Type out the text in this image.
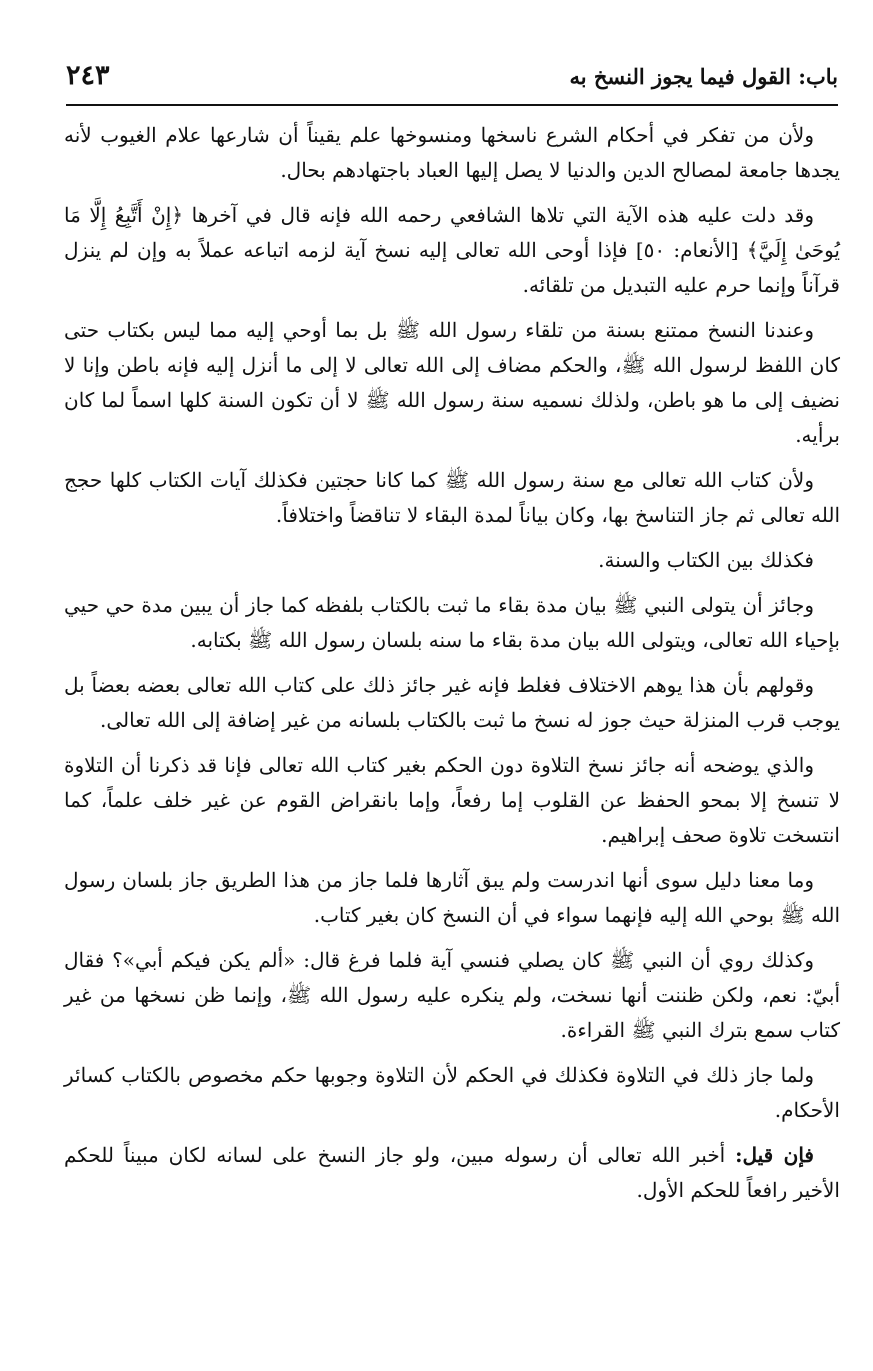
باب: القول فيما يجوز النسخ به
٢٤٣

ولأن من تفكر في أحكام الشرع ناسخها ومنسوخها علم يقيناً أن شارعها علام الغيوب لأنه يجدها جامعة لمصالح الدين والدنيا لا يصل إليها العباد باجتهادهم بحال.

وقد دلت عليه هذه الآية التي تلاها الشافعي رحمه الله فإنه قال في آخرها ﴿إِنْ أَتَّبِعُ إِلَّا مَا يُوحَىٰ إِلَيَّ﴾ [الأنعام: ٥٠] فإذا أوحى الله تعالى إليه نسخ آية لزمه اتباعه عملاً به وإن لم ينزل قرآناً وإنما حرم عليه التبديل من تلقائه.

وعندنا النسخ ممتنع بسنة من تلقاء رسول الله ﷺ بل بما أوحي إليه مما ليس بكتاب حتى كان اللفظ لرسول الله ﷺ، والحكم مضاف إلى الله تعالى لا إلى ما أنزل إليه فإنه باطن وإنا لا نضيف إلى ما هو باطن، ولذلك نسميه سنة رسول الله ﷺ لا أن تكون السنة كلها اسماً لما كان برأيه.

ولأن كتاب الله تعالى مع سنة رسول الله ﷺ كما كانا حجتين فكذلك آيات الكتاب كلها حجج الله تعالى ثم جاز التناسخ بها، وكان بياناً لمدة البقاء لا تناقضاً واختلافاً.

فكذلك بين الكتاب والسنة.

وجائز أن يتولى النبي ﷺ بيان مدة بقاء ما ثبت بالكتاب بلفظه كما جاز أن يبين مدة حي حيي بإحياء الله تعالى، ويتولى الله بيان مدة بقاء ما سنه بلسان رسول الله ﷺ بكتابه.

وقولهم بأن هذا يوهم الاختلاف فغلط فإنه غير جائز ذلك على كتاب الله تعالى بعضه بعضاً بل يوجب قرب المنزلة حيث جوز له نسخ ما ثبت بالكتاب بلسانه من غير إضافة إلى الله تعالى.

والذي يوضحه أنه جائز نسخ التلاوة دون الحكم بغير كتاب الله تعالى فإنا قد ذكرنا أن التلاوة لا تنسخ إلا بمحو الحفظ عن القلوب إما رفعاً، وإما بانقراض القوم عن غير خلف علماً، كما انتسخت تلاوة صحف إبراهيم.

وما معنا دليل سوى أنها اندرست ولم يبق آثارها فلما جاز من هذا الطريق جاز بلسان رسول الله ﷺ بوحي الله إليه فإنهما سواء في أن النسخ كان بغير كتاب.

وكذلك روي أن النبي ﷺ كان يصلي فنسي آية فلما فرغ قال: «ألم يكن فيكم أبي»؟ فقال أبيّ: نعم، ولكن ظننت أنها نسخت، ولم ينكره عليه رسول الله ﷺ، وإنما ظن نسخها من غير كتاب سمع بترك النبي ﷺ القراءة.

ولما جاز ذلك في التلاوة فكذلك في الحكم لأن التلاوة وجوبها حكم مخصوص بالكتاب كسائر الأحكام.

فإن قيل: أخبر الله تعالى أن رسوله مبين، ولو جاز النسخ على لسانه لكان مبيناً للحكم الأخير رافعاً للحكم الأول.
